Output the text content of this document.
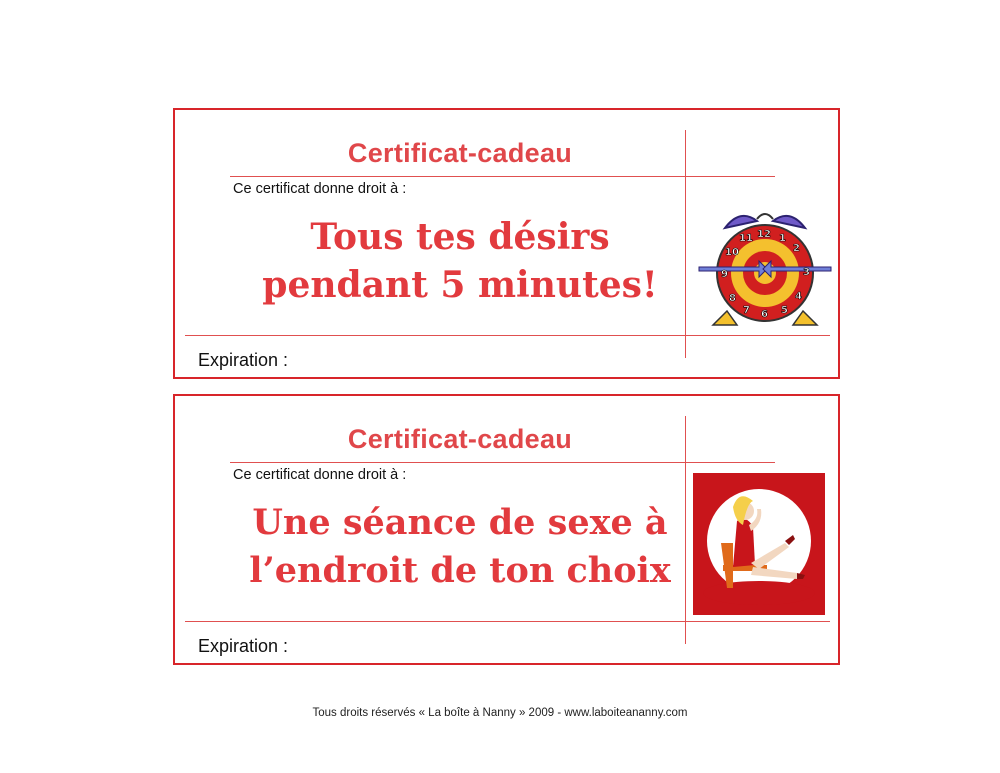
Certificat-cadeau
Ce certificat donne droit à :
Tous tes désirs
pendant 5 minutes!
Expiration :
12
11	1
2
3
4
5
6
7
8
9
10
Certificat-cadeau
Ce certificat donne droit à :
Une séance de sexe à
l’endroit de ton choix
Expiration :
Tous droits réservés « La boîte à Nanny » 2009 - www.laboiteananny.com
